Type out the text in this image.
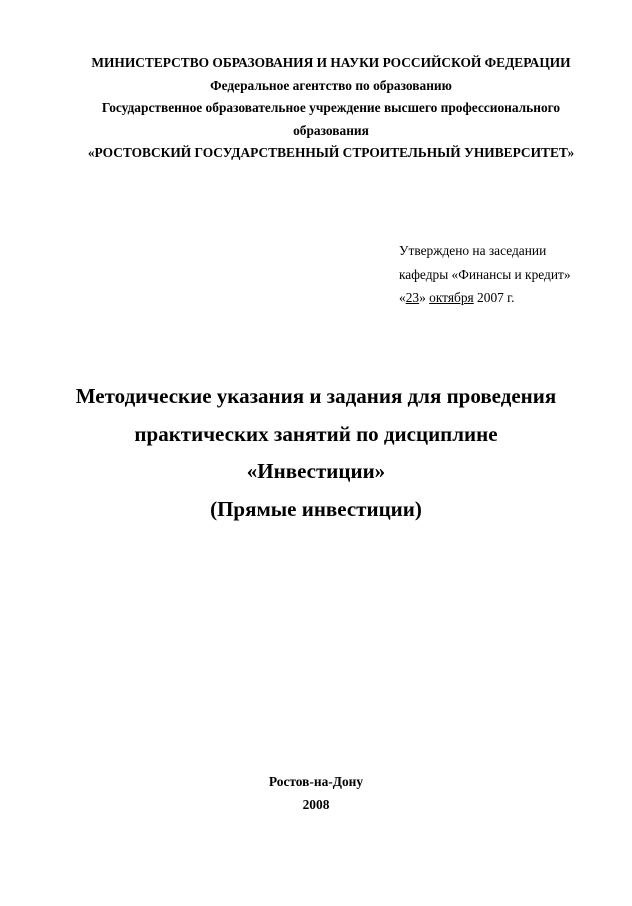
МИНИСТЕРСТВО ОБРАЗОВАНИЯ И НАУКИ РОССИЙСКОЙ ФЕДЕРАЦИИ
Федеральное агентство по образованию
Государственное образовательное учреждение высшего профессионального
образования
«РОСТОВСКИЙ ГОСУДАРСТВЕННЫЙ СТРОИТЕЛЬНЫЙ УНИВЕРСИТЕТ»
Утверждено на заседании
кафедры «Финансы и кредит»
«23» октября 2007 г.
Методические указания и задания для проведения
практических занятий по дисциплине
«Инвестиции»
(Прямые инвестиции)
Ростов-на-Дону
2008
